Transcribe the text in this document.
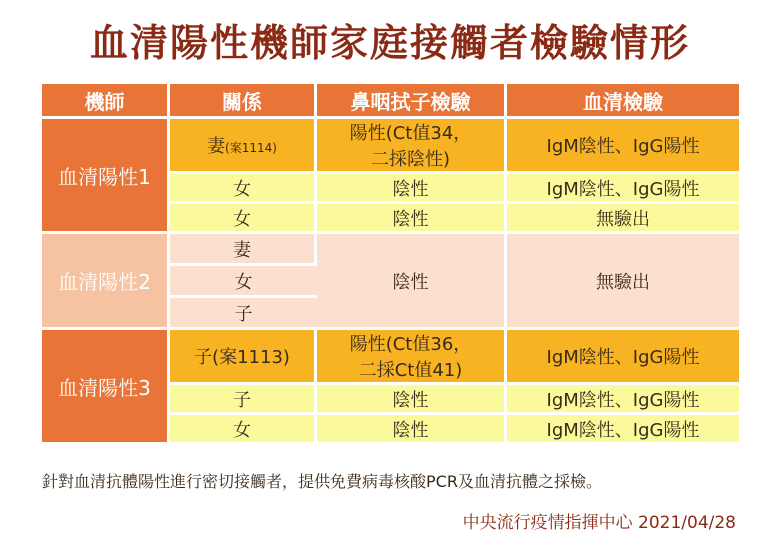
血清陽性機師家庭接觸者檢驗情形
機師	關係	鼻咽拭子檢驗	血清檢驗
血清陽性1	妻(案1114)	陽性(Ct值34，
二採陰性)	IgM陰性、IgG陽性
	女	陰性	IgM陰性、IgG陽性
	女	陰性	無驗出
血清陽性2	妻	陰性	無驗出
	女		
	子		
血清陽性3	子(案1113)	陽性(Ct值36，
二採Ct值41)	IgM陰性、IgG陽性
	子	陰性	IgM陰性、IgG陽性
	女	陰性	IgM陰性、IgG陽性
針對血清抗體陽性進行密切接觸者，提供免費病毒核酸PCR及血清抗體之採檢。
中央流行疫情指揮中心 2021/04/28
